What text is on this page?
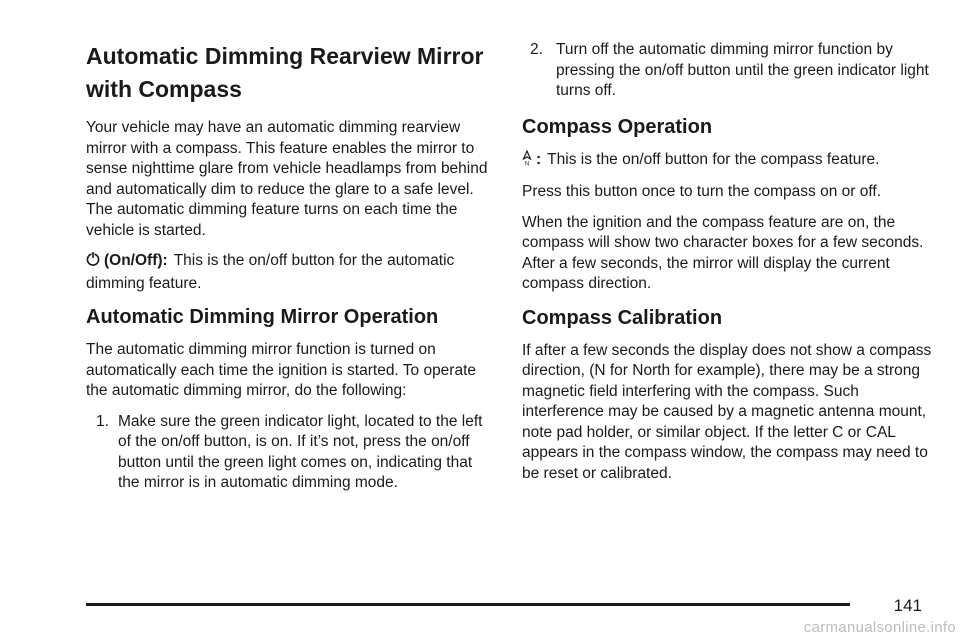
Automatic Dimming Rearview Mirror with Compass

Your vehicle may have an automatic dimming rearview mirror with a compass. This feature enables the mirror to sense nighttime glare from vehicle headlamps from behind and automatically dim to reduce the glare to a safe level. The automatic dimming feature turns on each time the vehicle is started.

(On/Off): This is the on/off button for the automatic dimming feature.

Automatic Dimming Mirror Operation

The automatic dimming mirror function is turned on automatically each time the ignition is started. To operate the automatic dimming mirror, do the following:

1. Make sure the green indicator light, located to the left of the on/off button, is on. If it’s not, press the on/off button until the green light comes on, indicating that the mirror is in automatic dimming mode.
2. Turn off the automatic dimming mirror function by pressing the on/off button until the green indicator light turns off.
Compass Operation

N : This is the on/off button for the compass feature.

Press this button once to turn the compass on or off.

When the ignition and the compass feature are on, the compass will show two character boxes for a few seconds. After a few seconds, the mirror will display the current compass direction.

Compass Calibration

If after a few seconds the display does not show a compass direction, (N for North for example), there may be a strong magnetic field interfering with the compass. Such interference may be caused by a magnetic antenna mount, note pad holder, or similar object. If the letter C or CAL appears in the compass window, the compass may need to be reset or calibrated.

141
carmanualsonline.info
